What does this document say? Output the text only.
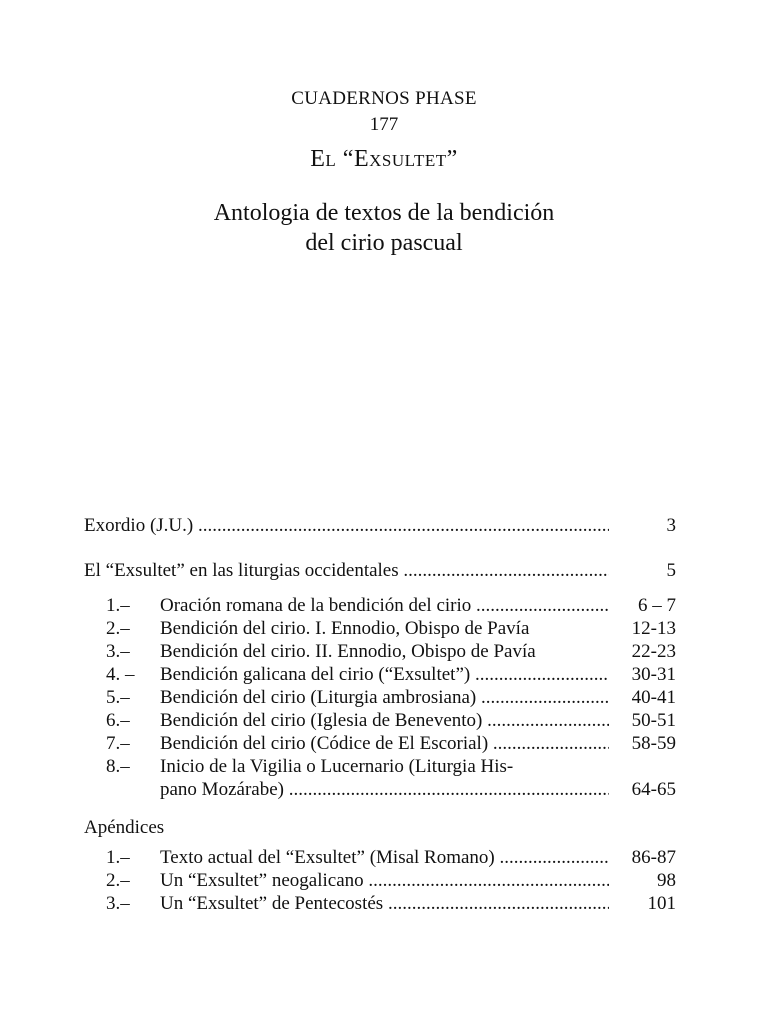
CUADERNOS PHASE
177
El “Exsultet”
Antologia de textos de la bendición
del cirio pascual
Exordio (J.U.) .....	3
El “Exsultet” en las liturgias occidentales .....	5
1.– Oración romana de la bendición del cirio .....	6 – 7
2.– Bendición del cirio. I. Ennodio, Obispo de Pavía	12-13
3.– Bendición del cirio. II. Ennodio, Obispo de Pavía	22-23
4. – Bendición galicana del cirio (“Exsultet”) .....	30-31
5.– Bendición del cirio (Liturgia ambrosiana) .....	40-41
6.– Bendición del cirio (Iglesia de Benevento) .....	50-51
7.– Bendición del cirio (Códice de El Escorial) .....	58-59
8.– Inicio de la Vigilia o Lucernario (Liturgia His-
pano Mozárabe) .....	64-65
Apéndices
1.– Texto actual del “Exsultet” (Misal Romano) .....	86-87
2.– Un “Exsultet” neogalicano .....	98
3.– Un “Exsultet” de Pentecostés .....	101
